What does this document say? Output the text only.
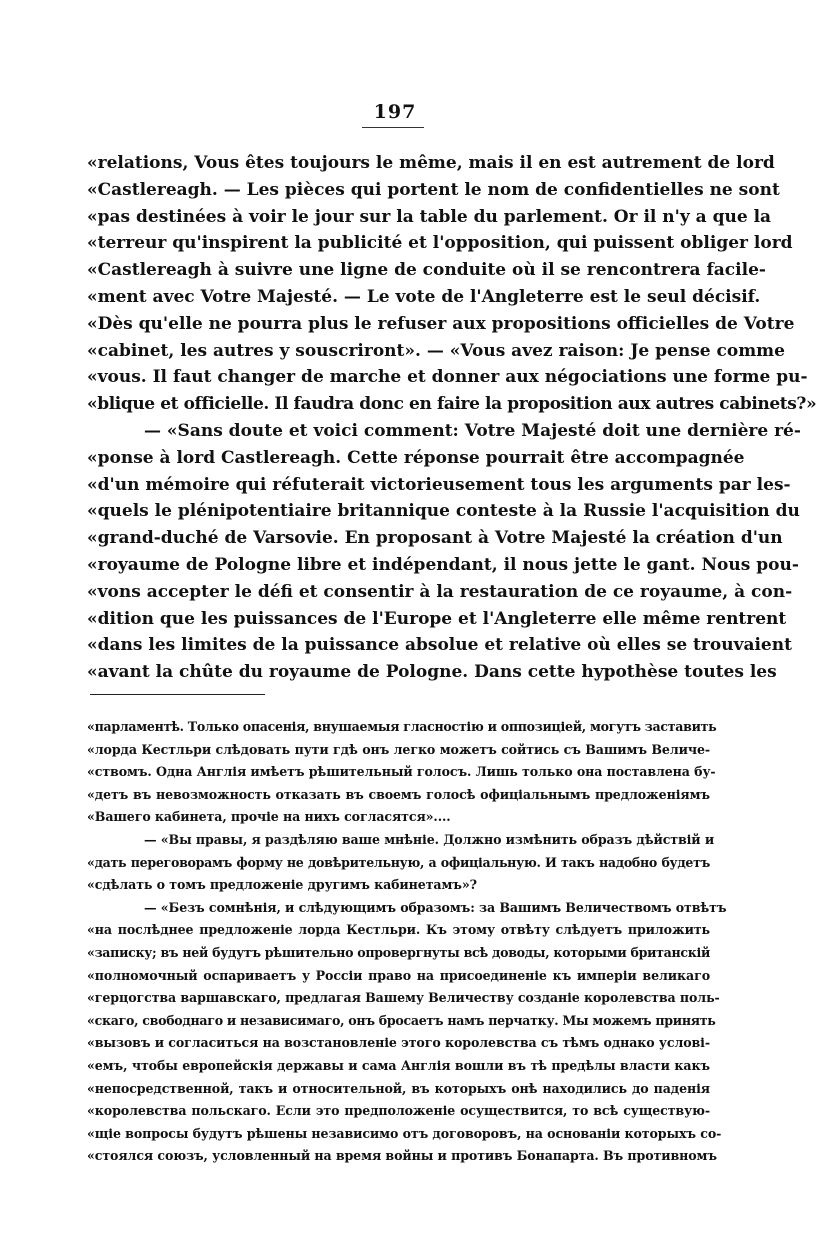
197
«relations, Vous êtes toujours le même, mais il en est autrement de lord
«Castlereagh. — Les pièces qui portent le nom de confidentielles ne sont
«pas destinées à voir le jour sur la table du parlement. Or il n'y a que la
«terreur qu'inspirent la publicité et l'opposition, qui puissent obliger lord
«Castlereagh à suivre une ligne de conduite où il se rencontrera facile-
«ment avec Votre Majesté. — Le vote de l'Angleterre est le seul décisif.
«Dès qu'elle ne pourra plus le refuser aux propositions officielles de Votre
«cabinet, les autres y souscriront». — «Vous avez raison: Je pense comme
«vous. Il faut changer de marche et donner aux négociations une forme pu-
«blique et officielle. Il faudra donc en faire la proposition aux autres cabinets?»
— «Sans doute et voici comment: Votre Majesté doit une dernière ré-
«ponse à lord Castlereagh. Cette réponse pourrait être accompagnée
«d'un mémoire qui réfuterait victorieusement tous les arguments par les-
«quels le plénipotentiaire britannique conteste à la Russie l'acquisition du
«grand-duché de Varsovie. En proposant à Votre Majesté la création d'un
«royaume de Pologne libre et indépendant, il nous jette le gant. Nous pou-
«vons accepter le défi et consentir à la restauration de ce royaume, à con-
«dition que les puissances de l'Europe et l'Angleterre elle même rentrent
«dans les limites de la puissance absolue et relative où elles se trouvaient
«avant la chûte du royaume de Pologne. Dans cette hypothèse toutes les
«парламентѣ. Только опасенія, внушаемыя гласностію и оппозиціей, могутъ заставить
«лорда Кестльри слѣдовать пути гдѣ онъ легко можетъ сойтись съ Вашимъ Величе-
«ствомъ. Одна Англія имѣетъ рѣшительный голосъ. Лишь только она поставлена бу-
«детъ въ невозможность отказать въ своемъ голосѣ офиціальнымъ предложеніямъ
«Вашего кабинета, прочіе на нихъ согласятся»....
— «Вы правы, я раздѣляю ваше мнѣніе. Должно измѣнить образъ дѣйствій и
«дать переговорамъ форму не довѣрительную, а офиціальную. И такъ надобно будетъ
«сдѣлать о томъ предложеніе другимъ кабинетамъ»?
— «Безъ сомнѣнія, и слѣдующимъ образомъ: за Вашимъ Величествомъ отвѣтъ
«на послѣднее предложеніе лорда Кестльри. Къ этому отвѣту слѣдуетъ приложить
«записку; въ ней будутъ рѣшительно опровергнуты всѣ доводы, которыми британскій
«полномочный оспариваетъ у Россіи право на присоединеніе къ имперіи великаго
«герцогства варшавскаго, предлагая Вашему Величеству созданіе королевства поль-
«скаго, свободнаго и независимаго, онъ бросаетъ намъ перчатку. Мы можемъ принять
«вызовъ и согласиться на возстановленіе этого королевства съ тѣмъ однако услові-
«емъ, чтобы европейскія державы и сама Англія вошли въ тѣ предѣлы власти какъ
«непосредственной, такъ и относительной, въ которыхъ онѣ находились до паденія
«королевства польскаго. Если это предположеніе осуществится, то всѣ существую-
«щіе вопросы будутъ рѣшены независимо отъ договоровъ, на основаніи которыхъ со-
«стоялся союзъ, условленный на время войны и противъ Бонапарта. Въ противномъ
